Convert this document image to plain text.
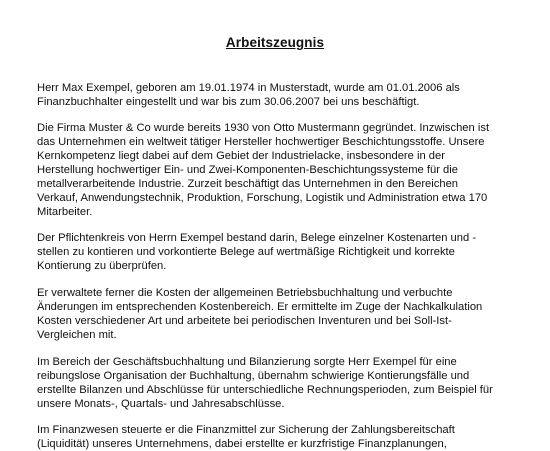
Arbeitszeugnis

Herr Max Exempel, geboren am 19.01.1974 in Musterstadt, wurde am 01.01.2006 als
Finanzbuchhalter eingestellt und war bis zum 30.06.2007 bei uns beschäftigt.

Die Firma Muster & Co wurde bereits 1930 von Otto Mustermann gegründet. Inzwischen ist
das Unternehmen ein weltweit tätiger Hersteller hochwertiger Beschichtungsstoffe. Unsere
Kernkompetenz liegt dabei auf dem Gebiet der Industrielacke, insbesondere in der
Herstellung hochwertiger Ein- und Zwei-Komponenten-Beschichtungssysteme für die
metallverarbeitende Industrie. Zurzeit beschäftigt das Unternehmen in den Bereichen
Verkauf, Anwendungstechnik, Produktion, Forschung, Logistik und Administration etwa 170
Mitarbeiter.

Der Pflichtenkreis von Herrn Exempel bestand darin, Belege einzelner Kostenarten und -
stellen zu kontieren und vorkontierte Belege auf wertmäßige Richtigkeit und korrekte
Kontierung zu überprüfen.

Er verwaltete ferner die Kosten der allgemeinen Betriebsbuchhaltung und verbuchte
Änderungen im entsprechenden Kostenbereich. Er ermittelte im Zuge der Nachkalkulation
Kosten verschiedener Art und arbeitete bei periodischen Inventuren und bei Soll-Ist-
Vergleichen mit.

Im Bereich der Geschäftsbuchhaltung und Bilanzierung sorgte Herr Exempel für eine
reibungslose Organisation der Buchhaltung, übernahm schwierige Kontierungsfälle und
erstellte Bilanzen und Abschlüsse für unterschiedliche Rechnungsperioden, zum Beispiel für
unsere Monats-, Quartals- und Jahresabschlüsse.

Im Finanzwesen steuerte er die Finanzmittel zur Sicherung der Zahlungsbereitschaft
(Liquidität) unseres Unternehmens, dabei erstellte er kurzfristige Finanzplanungen,
